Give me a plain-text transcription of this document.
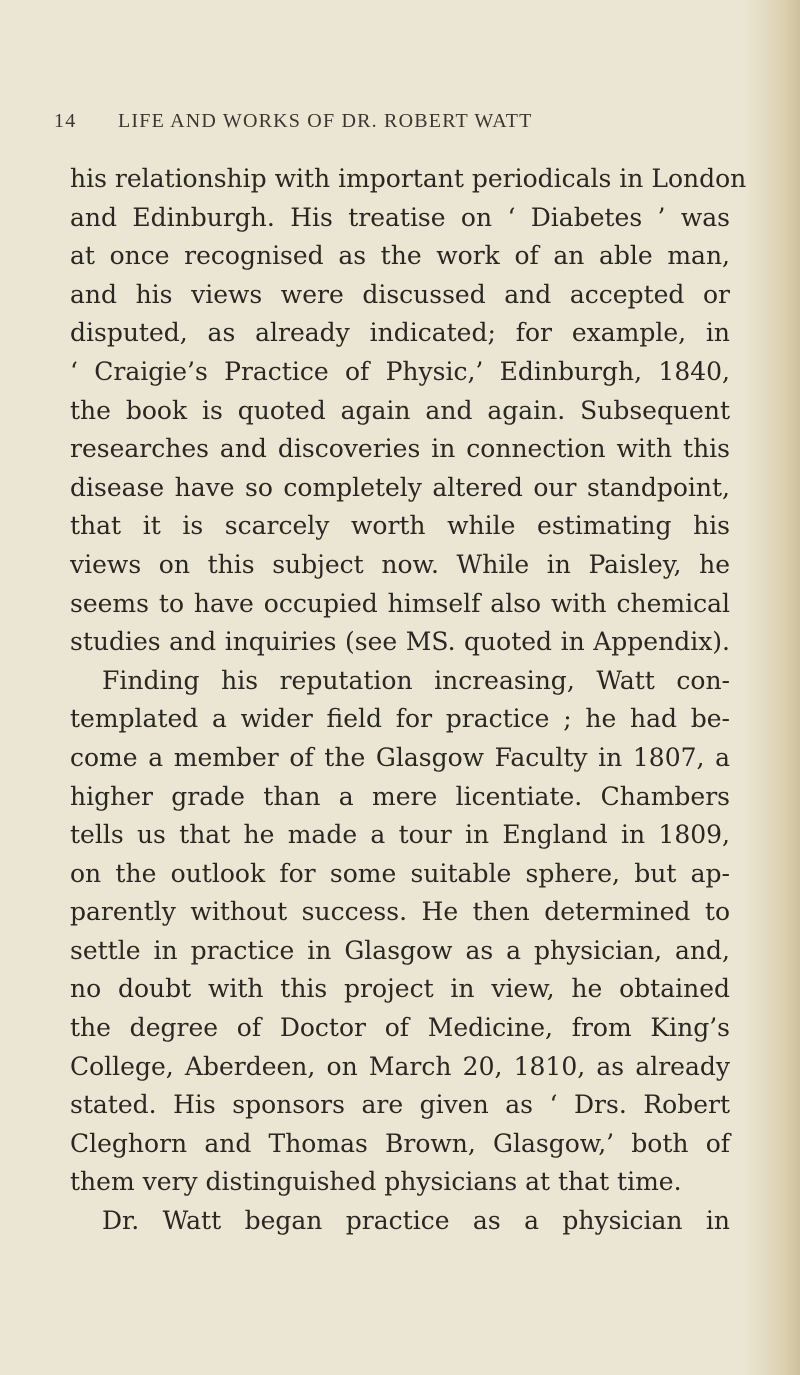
14 LIFE AND WORKS OF DR. ROBERT WATT
his relationship with important periodicals in London
and Edinburgh. His treatise on ‘ Diabetes ’ was
at once recognised as the work of an able man,
and his views were discussed and accepted or
disputed, as already indicated; for example, in
‘ Craigie’s Practice of Physic,’ Edinburgh, 1840,
the book is quoted again and again. Subsequent
researches and discoveries in connection with this
disease have so completely altered our standpoint,
that it is scarcely worth while estimating his
views on this subject now. While in Paisley, he
seems to have occupied himself also with chemical
studies and inquiries (see MS. quoted in Appendix).
Finding his reputation increasing, Watt con-
templated a wider field for practice ; he had be-
come a member of the Glasgow Faculty in 1807, a
higher grade than a mere licentiate. Chambers
tells us that he made a tour in England in 1809,
on the outlook for some suitable sphere, but ap-
parently without success. He then determined to
settle in practice in Glasgow as a physician, and,
no doubt with this project in view, he obtained
the degree of Doctor of Medicine, from King’s
College, Aberdeen, on March 20, 1810, as already
stated. His sponsors are given as ‘ Drs. Robert
Cleghorn and Thomas Brown, Glasgow,’ both of
them very distinguished physicians at that time.
Dr. Watt began practice as a physician in
